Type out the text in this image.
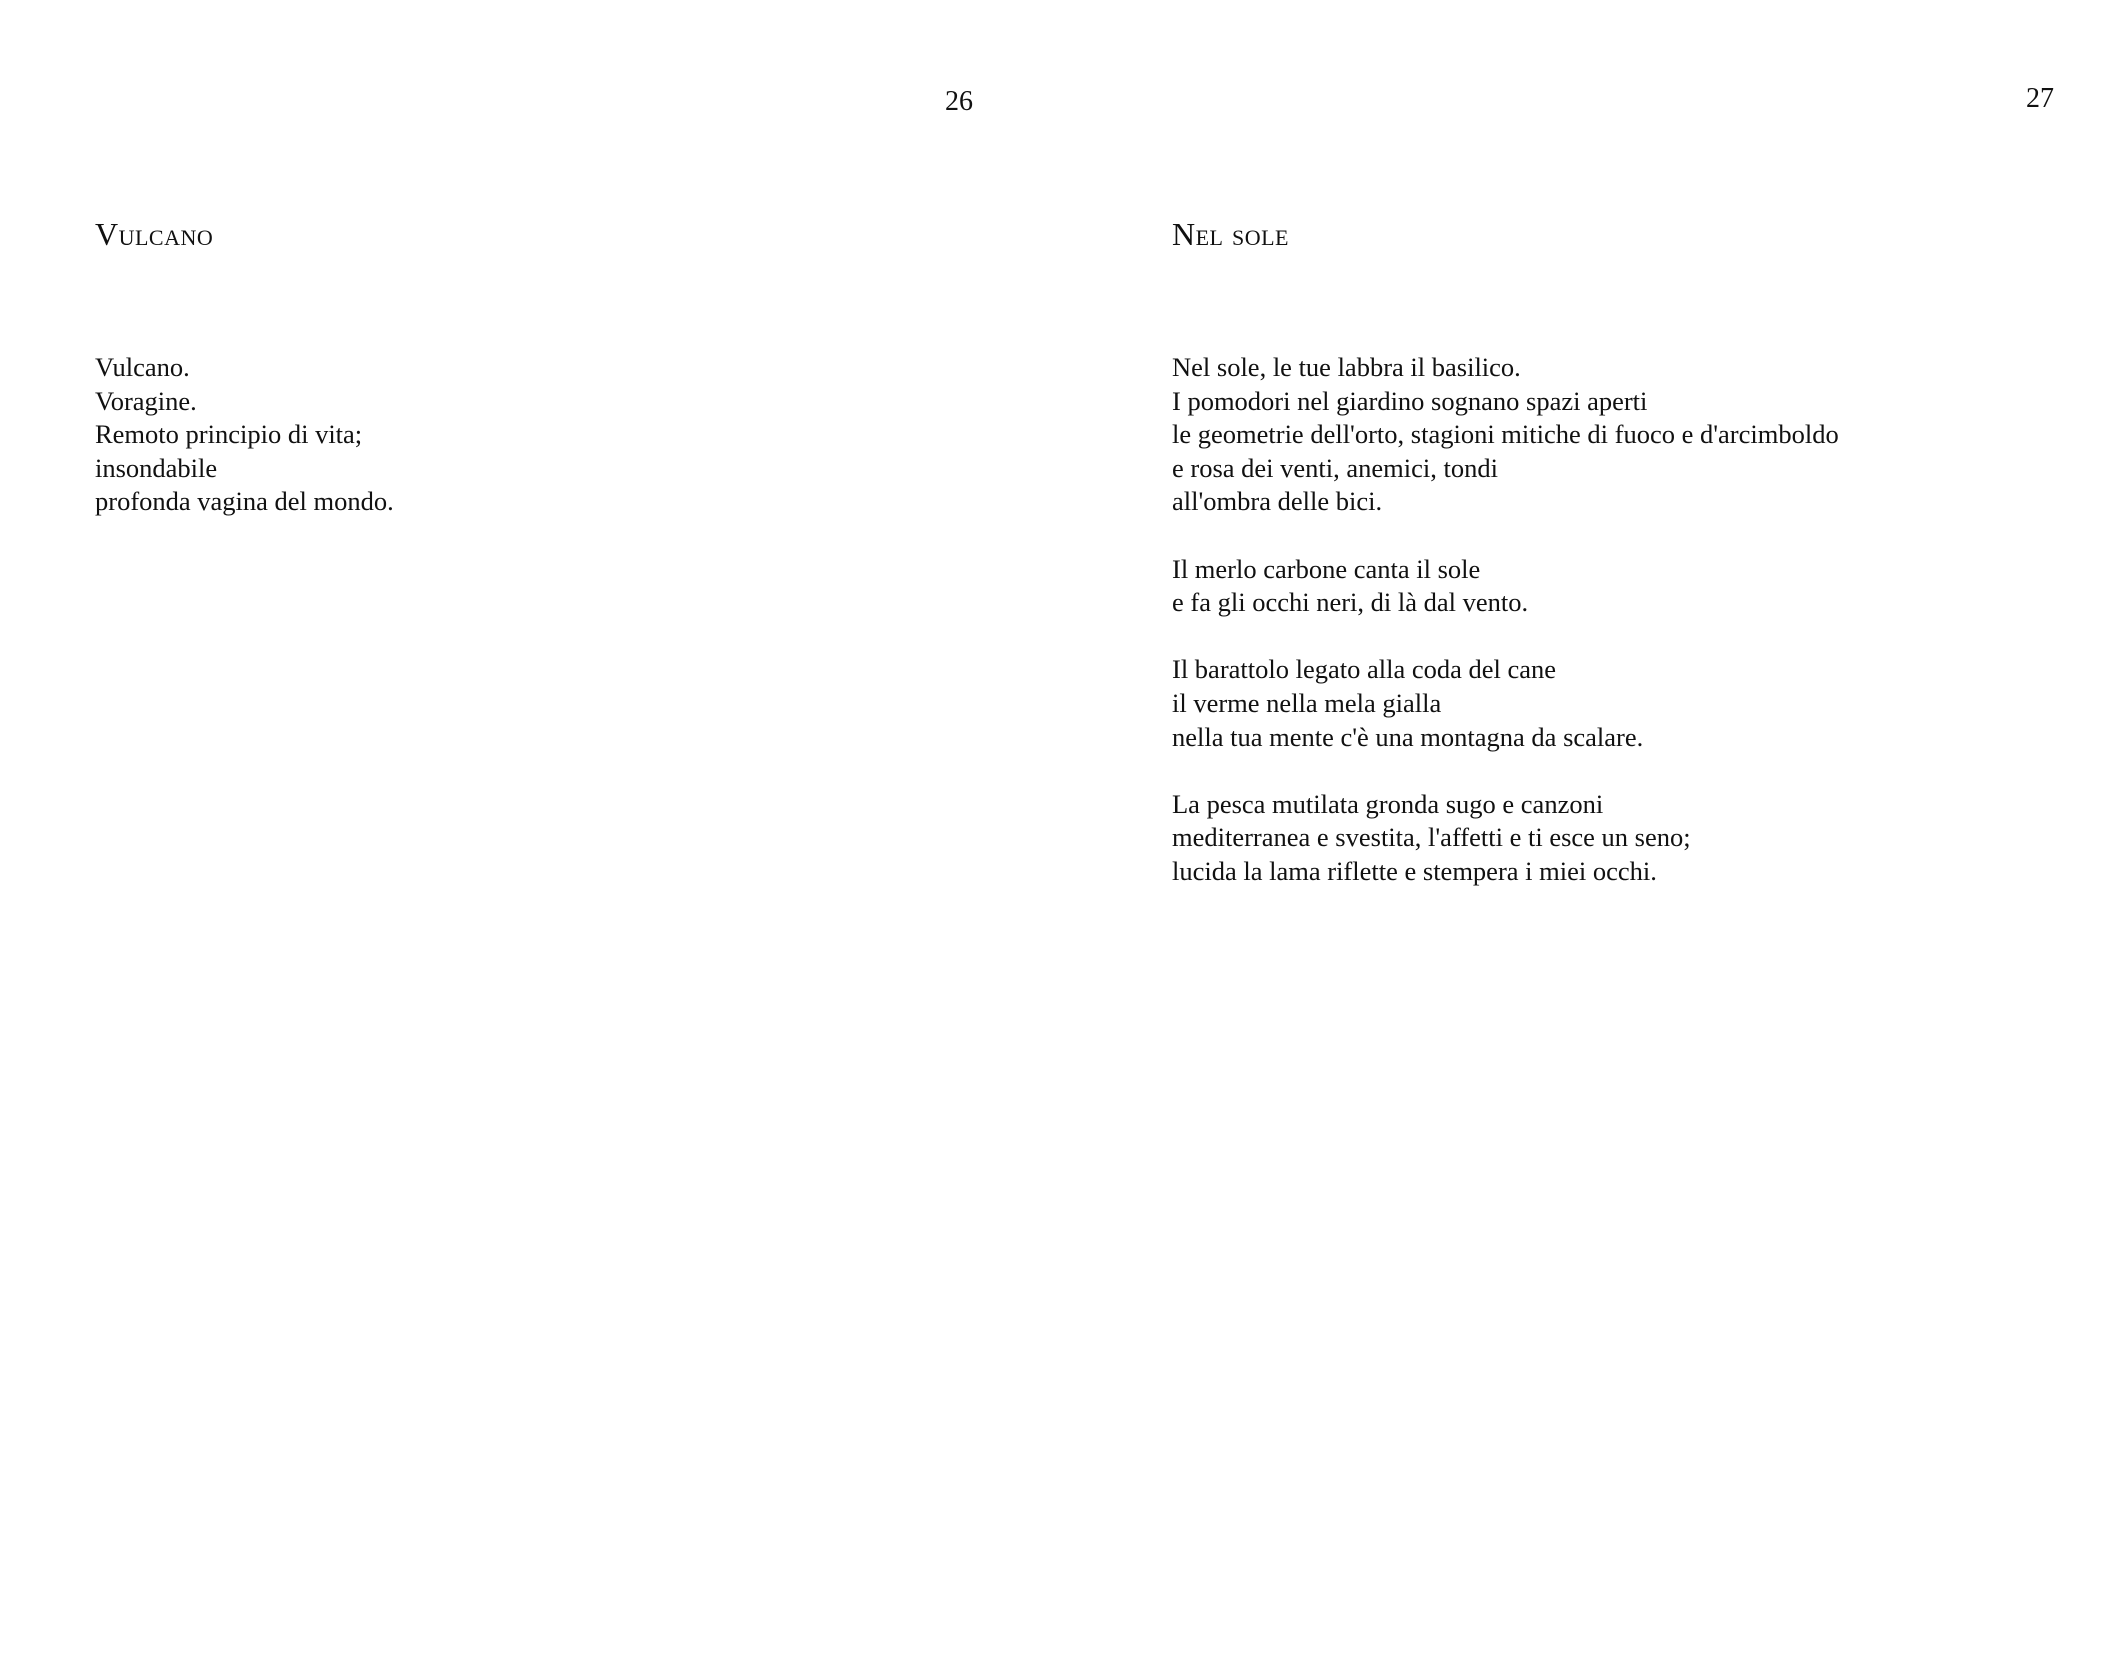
26
Vulcano

Vulcano.
Voragine.
Remoto principio di vita;
insondabile
profonda vagina del mondo.

27
Nel sole

Nel sole, le tue labbra il basilico.
I pomodori nel giardino sognano spazi aperti
le geometrie dell'orto, stagioni mitiche di fuoco e d'arcimboldo
e rosa dei venti, anemici, tondi
all'ombra delle bici.

Il merlo carbone canta il sole
e fa gli occhi neri, di là dal vento.

Il barattolo legato alla coda del cane
il verme nella mela gialla
nella tua mente c'è una montagna da scalare.

La pesca mutilata gronda sugo e canzoni
mediterranea e svestita, l'affetti e ti esce un seno;
lucida la lama riflette e stempera i miei occhi.
